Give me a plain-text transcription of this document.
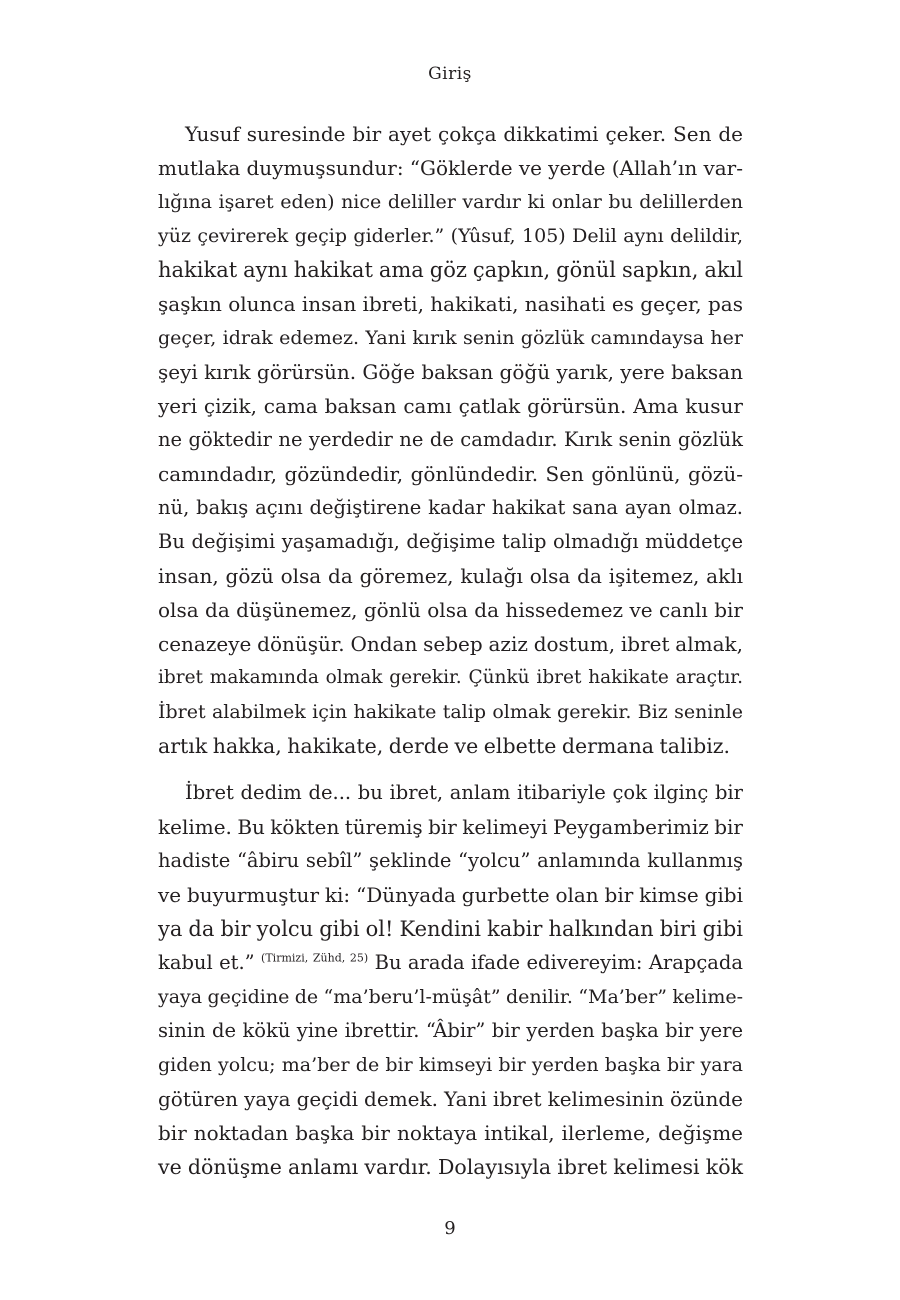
Giriş
Yusuf suresinde bir ayet çokça dikkatimi çeker. Sen de
mutlaka duymuşsundur: “Göklerde ve yerde (Allah’ın var-
lığına işaret eden) nice deliller vardır ki onlar bu delillerden
yüz çevirerek geçip giderler.” (Yûsuf, 105) Delil aynı delildir,
hakikat aynı hakikat ama göz çapkın, gönül sapkın, akıl
şaşkın olunca insan ibreti, hakikati, nasihati es geçer, pas
geçer, idrak edemez. Yani kırık senin gözlük camındaysa her
şeyi kırık görürsün. Göğe baksan göğü yarık, yere baksan
yeri çizik, cama baksan camı çatlak görürsün. Ama kusur
ne göktedir ne yerdedir ne de camdadır. Kırık senin gözlük
camındadır, gözündedir, gönlündedir. Sen gönlünü, gözü-
nü, bakış açını değiştirene kadar hakikat sana ayan olmaz.
Bu değişimi yaşamadığı, değişime talip olmadığı müddetçe
insan, gözü olsa da göremez, kulağı olsa da işitemez, aklı
olsa da düşünemez, gönlü olsa da hissedemez ve canlı bir
cenazeye dönüşür. Ondan sebep aziz dostum, ibret almak,
ibret makamında olmak gerekir. Çünkü ibret hakikate araçtır.
İbret alabilmek için hakikate talip olmak gerekir. Biz seninle
artık hakka, hakikate, derde ve elbette dermana talibiz.
İbret dedim de... bu ibret, anlam itibariyle çok ilginç bir
kelime. Bu kökten türemiş bir kelimeyi Peygamberimiz bir
hadiste “âbiru sebîl” şeklinde “yolcu” anlamında kullanmış
ve buyurmuştur ki: “Dünyada gurbette olan bir kimse gibi
ya da bir yolcu gibi ol! Kendini kabir halkından biri gibi
kabul et.” $^{(Tirmizi, Zühd, 25)}$ Bu arada ifade edivereyim: Arapçada
yaya geçidine de “ma’beru’l-müşât” denilir. “Ma’ber” kelime-
sinin de kökü yine ibrettir. “Âbir” bir yerden başka bir yere
giden yolcu; ma’ber de bir kimseyi bir yerden başka bir yara
götüren yaya geçidi demek. Yani ibret kelimesinin özünde
bir noktadan başka bir noktaya intikal, ilerleme, değişme
ve dönüşme anlamı vardır. Dolayısıyla ibret kelimesi kök
9
